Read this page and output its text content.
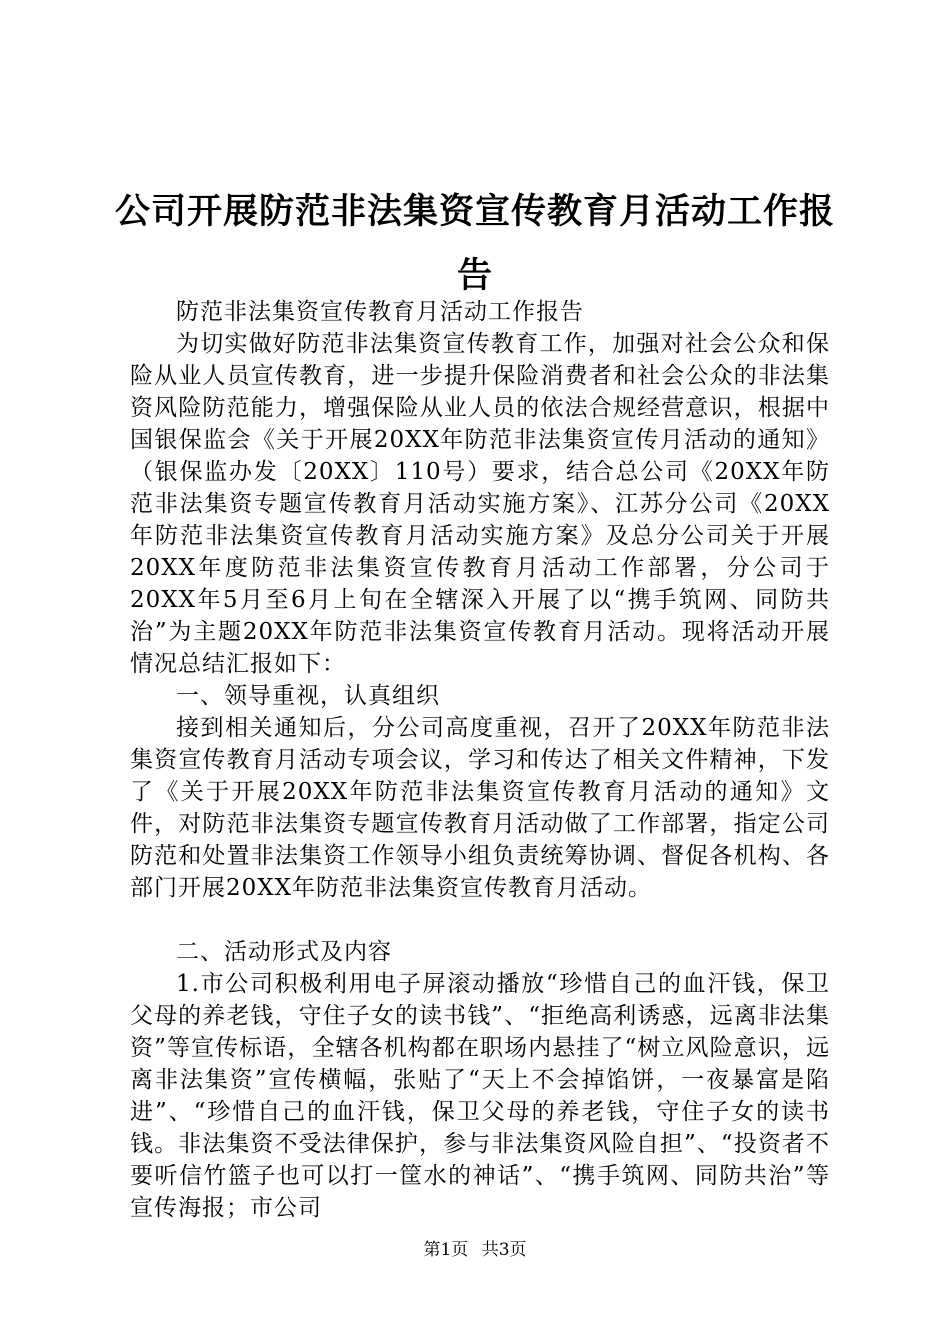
公司开展防范非法集资宣传教育月活动工作报告

防范非法集资宣传教育月活动工作报告

为切实做好防范非法集资宣传教育工作，加强对社会公众和保险从业人员宣传教育，进一步提升保险消费者和社会公众的非法集资风险防范能力，增强保险从业人员的依法合规经营意识，根据中国银保监会《关于开展20XX年防范非法集资宣传月活动的通知》（银保监办发〔20XX〕110号）要求，结合总公司《20XX年防范非法集资专题宣传教育月活动实施方案》、江苏分公司《20XX年防范非法集资宣传教育月活动实施方案》及总分公司关于开展20XX年度防范非法集资宣传教育月活动工作部署，分公司于20XX年5月至6月上旬在全辖深入开展了以“携手筑网、同防共治”为主题20XX年防范非法集资宣传教育月活动。现将活动开展情况总结汇报如下：

一、领导重视，认真组织

接到相关通知后，分公司高度重视，召开了20XX年防范非法集资宣传教育月活动专项会议，学习和传达了相关文件精神，下发了《关于开展20XX年防范非法集资宣传教育月活动的通知》文件，对防范非法集资专题宣传教育月活动做了工作部署，指定公司防范和处置非法集资工作领导小组负责统筹协调、督促各机构、各部门开展20XX年防范非法集资宣传教育月活动。

二、活动形式及内容

1.市公司积极利用电子屏滚动播放“珍惜自己的血汗钱，保卫父母的养老钱，守住子女的读书钱”、“拒绝高利诱惑，远离非法集资”等宣传标语，全辖各机构都在职场内悬挂了“树立风险意识，远离非法集资”宣传横幅，张贴了“天上不会掉馅饼，一夜暴富是陷进”、“珍惜自己的血汗钱，保卫父母的养老钱，守住子女的读书钱。非法集资不受法律保护，参与非法集资风险自担”、“投资者不要听信竹篮子也可以打一筐水的神话”、“携手筑网、同防共治”等宣传海报；市公司

第1页 共3页
